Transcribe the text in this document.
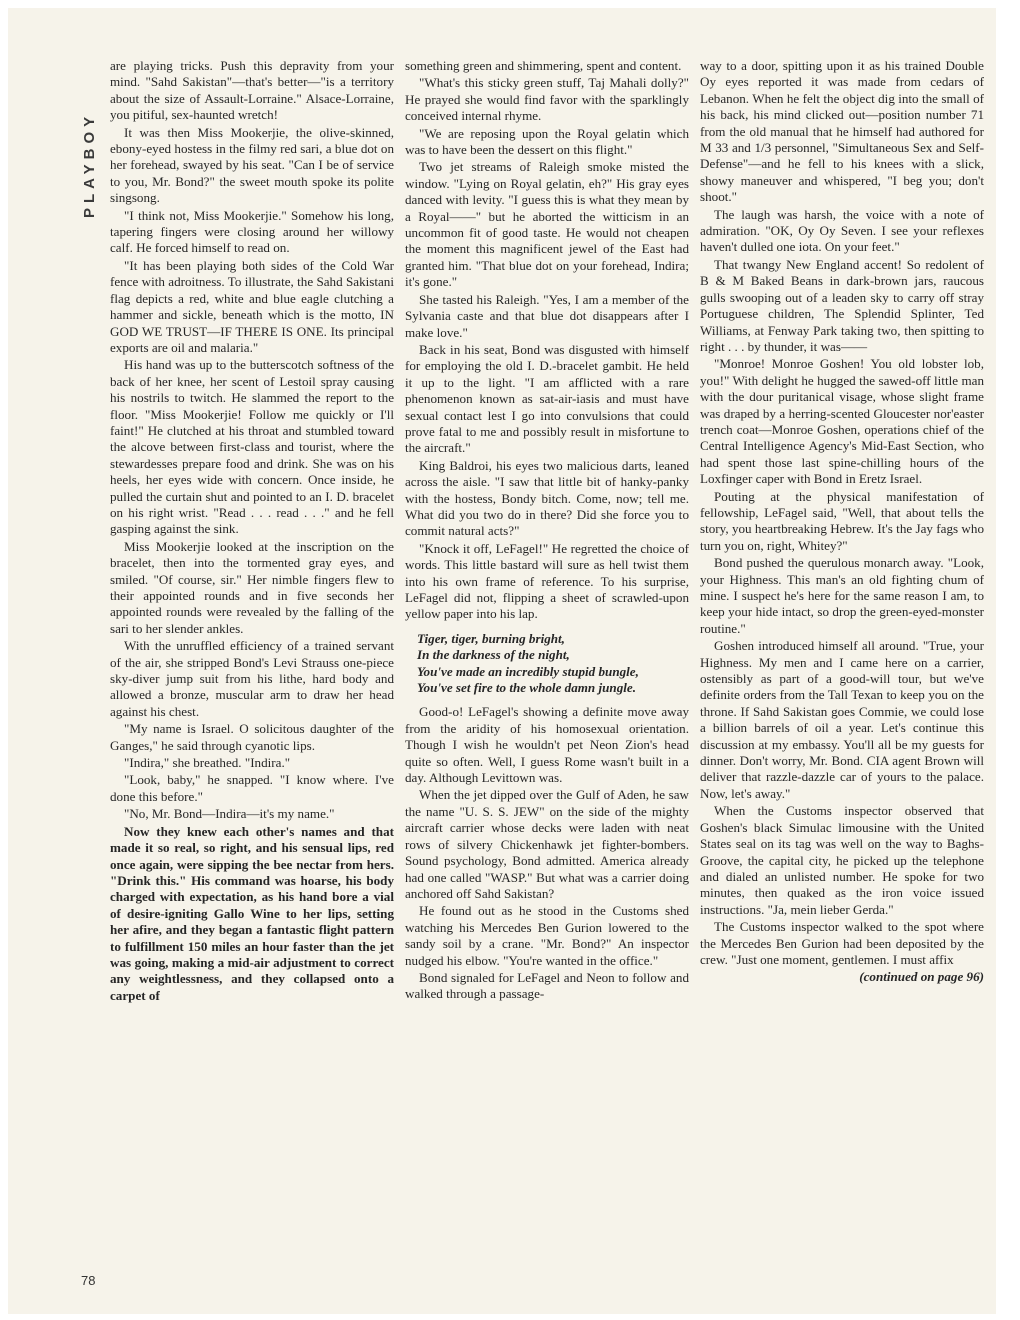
PLAYBOY
78

are playing tricks. Push this depravity from your mind. "Sahd Sakistan"—that's better—"is a territory about the size of Assault-Lorraine." Alsace-Lorraine, you pitiful, sex-haunted wretch!

It was then Miss Mookerjie, the olive-skinned, ebony-eyed hostess in the filmy red sari, a blue dot on her forehead, swayed by his seat. "Can I be of service to you, Mr. Bond?" the sweet mouth spoke its polite singsong.

"I think not, Miss Mookerjie." Somehow his long, tapering fingers were closing around her willowy calf. He forced himself to read on.

"It has been playing both sides of the Cold War fence with adroitness. To illustrate, the Sahd Sakistani flag depicts a red, white and blue eagle clutching a hammer and sickle, beneath which is the motto, IN GOD WE TRUST—IF THERE IS ONE. Its principal exports are oil and malaria."

His hand was up to the butterscotch softness of the back of her knee, her scent of Lestoil spray causing his nostrils to twitch. He slammed the report to the floor. "Miss Mookerjie! Follow me quickly or I'll faint!" He clutched at his throat and stumbled toward the alcove between first-class and tourist, where the stewardesses prepare food and drink. She was on his heels, her eyes wide with concern. Once inside, he pulled the curtain shut and pointed to an I. D. bracelet on his right wrist. "Read . . . read . . ." and he fell gasping against the sink.

Miss Mookerjie looked at the inscription on the bracelet, then into the tormented gray eyes, and smiled. "Of course, sir." Her nimble fingers flew to their appointed rounds and in five seconds her appointed rounds were revealed by the falling of the sari to her slender ankles.

With the unruffled efficiency of a trained servant of the air, she stripped Bond's Levi Strauss one-piece sky-diver jump suit from his lithe, hard body and allowed a bronze, muscular arm to draw her head against his chest.

"My name is Israel. O solicitous daughter of the Ganges," he said through cyanotic lips.

"Indira," she breathed. "Indira."

"Look, baby," he snapped. "I know where. I've done this before."

"No, Mr. Bond—Indira—it's my name."

Now they knew each other's names and that made it so real, so right, and his sensual lips, red once again, were sipping the bee nectar from hers. "Drink this." His command was hoarse, his body charged with expectation, as his hand bore a vial of desire-igniting Gallo Wine to her lips, setting her afire, and they began a fantastic flight pattern to fulfillment 150 miles an hour faster than the jet was going, making a mid-air adjustment to correct any weightlessness, and they collapsed onto a carpet of

something green and shimmering, spent and content.

"What's this sticky green stuff, Taj Mahali dolly?" He prayed she would find favor with the sparklingly conceived internal rhyme.

"We are reposing upon the Royal gelatin which was to have been the dessert on this flight."

Two jet streams of Raleigh smoke misted the window. "Lying on Royal gelatin, eh?" His gray eyes danced with levity. "I guess this is what they mean by a Royal——" but he aborted the witticism in an uncommon fit of good taste. He would not cheapen the moment this magnificent jewel of the East had granted him. "That blue dot on your forehead, Indira; it's gone."

She tasted his Raleigh. "Yes, I am a member of the Sylvania caste and that blue dot disappears after I make love."

Back in his seat, Bond was disgusted with himself for employing the old I. D.-bracelet gambit. He held it up to the light. "I am afflicted with a rare phenomenon known as sat-air-iasis and must have sexual contact lest I go into convulsions that could prove fatal to me and possibly result in misfortune to the aircraft."

King Baldroi, his eyes two malicious darts, leaned across the aisle. "I saw that little bit of hanky-panky with the hostess, Bondy bitch. Come, now; tell me. What did you two do in there? Did she force you to commit natural acts?"

"Knock it off, LeFagel!" He regretted the choice of words. This little bastard will sure as hell twist them into his own frame of reference. To his surprise, LeFagel did not, flipping a sheet of scrawled-upon yellow paper into his lap.

Tiger, tiger, burning bright,
In the darkness of the night,
You've made an incredibly stupid bungle,
You've set fire to the whole damn jungle.

Good-o! LeFagel's showing a definite move away from the aridity of his homosexual orientation. Though I wish he wouldn't pet Neon Zion's head quite so often. Well, I guess Rome wasn't built in a day. Although Levittown was.

When the jet dipped over the Gulf of Aden, he saw the name "U. S. S. JEW" on the side of the mighty aircraft carrier whose decks were laden with neat rows of silvery Chickenhawk jet fighter-bombers. Sound psychology, Bond admitted. America already had one called "WASP." But what was a carrier doing anchored off Sahd Sakistan?

He found out as he stood in the Customs shed watching his Mercedes Ben Gurion lowered to the sandy soil by a crane. "Mr. Bond?" An inspector nudged his elbow. "You're wanted in the office."

Bond signaled for LeFagel and Neon to follow and walked through a passage-

way to a door, spitting upon it as his trained Double Oy eyes reported it was made from cedars of Lebanon. When he felt the object dig into the small of his back, his mind clicked out—position number 71 from the old manual that he himself had authored for M 33 and 1/3 personnel, "Simultaneous Sex and Self-Defense"—and he fell to his knees with a slick, showy maneuver and whispered, "I beg you; don't shoot."

The laugh was harsh, the voice with a note of admiration. "OK, Oy Oy Seven. I see your reflexes haven't dulled one iota. On your feet."

That twangy New England accent! So redolent of B & M Baked Beans in dark-brown jars, raucous gulls swooping out of a leaden sky to carry off stray Portuguese children, The Splendid Splinter, Ted Williams, at Fenway Park taking two, then spitting to right . . . by thunder, it was——

"Monroe! Monroe Goshen! You old lobster lob, you!" With delight he hugged the sawed-off little man with the dour puritanical visage, whose slight frame was draped by a herring-scented Gloucester nor'easter trench coat—Monroe Goshen, operations chief of the Central Intelligence Agency's Mid-East Section, who had spent those last spine-chilling hours of the Loxfinger caper with Bond in Eretz Israel.

Pouting at the physical manifestation of fellowship, LeFagel said, "Well, that about tells the story, you heartbreaking Hebrew. It's the Jay fags who turn you on, right, Whitey?"

Bond pushed the querulous monarch away. "Look, your Highness. This man's an old fighting chum of mine. I suspect he's here for the same reason I am, to keep your hide intact, so drop the green-eyed-monster routine."

Goshen introduced himself all around. "True, your Highness. My men and I came here on a carrier, ostensibly as part of a good-will tour, but we've definite orders from the Tall Texan to keep you on the throne. If Sahd Sakistan goes Commie, we could lose a billion barrels of oil a year. Let's continue this discussion at my embassy. You'll all be my guests for dinner. Don't worry, Mr. Bond. CIA agent Brown will deliver that razzle-dazzle car of yours to the palace. Now, let's away."

When the Customs inspector observed that Goshen's black Simulac limousine with the United States seal on its tag was well on the way to Baghs-Groove, the capital city, he picked up the telephone and dialed an unlisted number. He spoke for two minutes, then quaked as the iron voice issued instructions. "Ja, mein lieber Gerda."

The Customs inspector walked to the spot where the Mercedes Ben Gurion had been deposited by the crew. "Just one moment, gentlemen. I must affix

(continued on page 96)
